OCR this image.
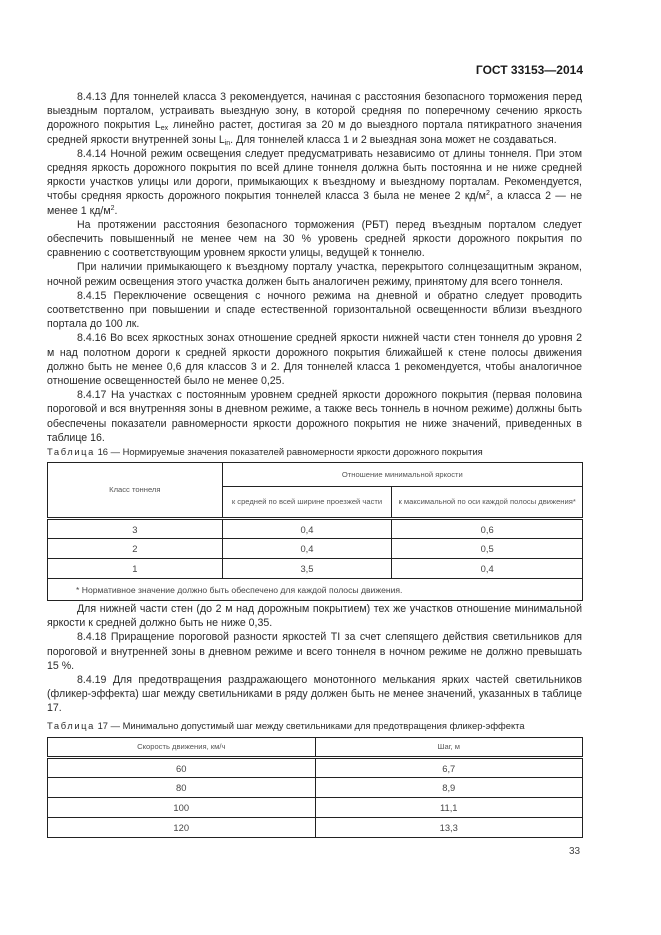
ГОСТ 33153—2014

8.4.13 Для тоннелей класса 3 рекомендуется, начиная с расстояния безопасного торможения перед выездным порталом, устраивать выездную зону, в которой средняя по поперечному сечению яркость дорожного покрытия $L_{ex}$ линейно растет, достигая за 20 м до выездного портала пятикратного значения средней яркости внутренней зоны $L_{in}$. Для тоннелей класса 1 и 2 выездная зона может не создаваться.

8.4.14 Ночной режим освещения следует предусматривать независимо от длины тоннеля. При этом средняя яркость дорожного покрытия по всей длине тоннеля должна быть постоянна и не ниже средней яркости участков улицы или дороги, примыкающих к въездному и выездному порталам. Рекомендуется, чтобы средняя яркость дорожного покрытия тоннелей класса 3 была не менее 2 $кд/м^2$, а класса 2 — не менее 1 $кд/м^2$.

На протяжении расстояния безопасного торможения (РБТ) перед въездным порталом следует обеспечить повышенный не менее чем на 30 % уровень средней яркости дорожного покрытия по сравнению с соответствующим уровнем яркости улицы, ведущей к тоннелю.

При наличии примыкающего к въездному порталу участка, перекрытого солнцезащитным экраном, ночной режим освещения этого участка должен быть аналогичен режиму, принятому для всего тоннеля.

8.4.15 Переключение освещения с ночного режима на дневной и обратно следует проводить соответственно при повышении и спаде естественной горизонтальной освещенности вблизи въездного портала до 100 лк.

8.4.16 Во всех яркостных зонах отношение средней яркости нижней части стен тоннеля до уровня 2 м над полотном дороги к средней яркости дорожного покрытия ближайшей к стене полосы движения должно быть не менее 0,6 для классов 3 и 2. Для тоннелей класса 1 рекомендуется, чтобы аналогичное отношение освещенностей было не менее 0,25.

8.4.17 На участках с постоянным уровнем средней яркости дорожного покрытия (первая половина пороговой и вся внутренняя зоны в дневном режиме, а также весь тоннель в ночном режиме) должны быть обеспечены показатели равномерности яркости дорожного покрытия не ниже значений, приведенных в таблице 16.

Таблица 16 — Нормируемые значения показателей равномерности яркости дорожного покрытия
Класс тоннеля	Отношение минимальной яркости	
	к средней по всей ширине проезжей части	к максимальной по оси каждой полосы движения*
3	0,4	0,6
2	0,4	0,5
1	3,5	0,4
* Нормативное значение должно быть обеспечено для каждой полосы движения.		

Для нижней части стен (до 2 м над дорожным покрытием) тех же участков отношение минимальной яркости к средней должно быть не ниже 0,35.

8.4.18 Приращение пороговой разности яркостей TI за счет слепящего действия светильников для пороговой и внутренней зоны в дневном режиме и всего тоннеля в ночном режиме не должно превышать 15 %.

8.4.19 Для предотвращения раздражающего монотонного мелькания ярких частей светильников (фликер-эффекта) шаг между светильниками в ряду должен быть не менее значений, указанных в таблице 17.

Таблица 17 — Минимально допустимый шаг между светильниками для предотвращения фликер-эффекта
Скорость движения, км/ч	Шаг, м
60	6,7
80	8,9
100	11,1
120	13,3
33
